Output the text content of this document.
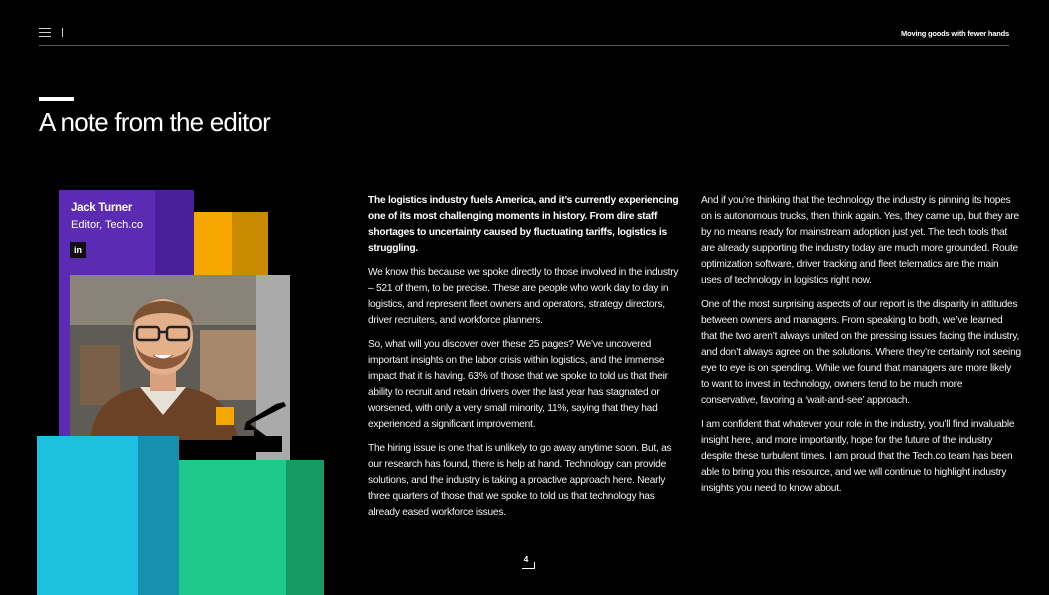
Moving goods with fewer hands
A note from the editor
Jack Turner
Editor, Tech.co
in

The logistics industry fuels America, and it’s currently experiencing one of its most challenging moments in history. From dire staff shortages to uncertainty caused by fluctuating tariffs, logistics is struggling.

We know this because we spoke directly to those involved in the industry – 521 of them, to be precise. These are people who work day to day in logistics, and represent fleet owners and operators, strategy directors, driver recruiters, and workforce planners.

So, what will you discover over these 25 pages? We’ve uncovered important insights on the labor crisis within logistics, and the immense impact that it is having. 63% of those that we spoke to told us that their ability to recruit and retain drivers over the last year has stagnated or worsened, with only a very small minority, 11%, saying that they had experienced a significant improvement.

The hiring issue is one that is unlikely to go away anytime soon. But, as our research has found, there is help at hand. Technology can provide solutions, and the industry is taking a proactive approach here. Nearly three quarters of those that we spoke to told us that technology has already eased workforce issues.

And if you’re thinking that the technology the industry is pinning its hopes on is autonomous trucks, then think again. Yes, they came up, but they are by no means ready for mainstream adoption just yet. The tech tools that are already supporting the industry today are much more grounded. Route optimization software, driver tracking and fleet telematics are the main uses of technology in logistics right now.

One of the most surprising aspects of our report is the disparity in attitudes between owners and managers. From speaking to both, we’ve learned that the two aren’t always united on the pressing issues facing the industry, and don’t always agree on the solutions. Where they’re certainly not seeing eye to eye is on spending. While we found that managers are more likely to want to invest in technology, owners tend to be much more conservative, favoring a ‘wait-and-see’ approach.

I am confident that whatever your role in the industry, you’ll find invaluable insight here, and more importantly, hope for the future of the industry despite these turbulent times. I am proud that the Tech.co team has been able to bring you this resource, and we will continue to highlight industry insights you need to know about.

4
